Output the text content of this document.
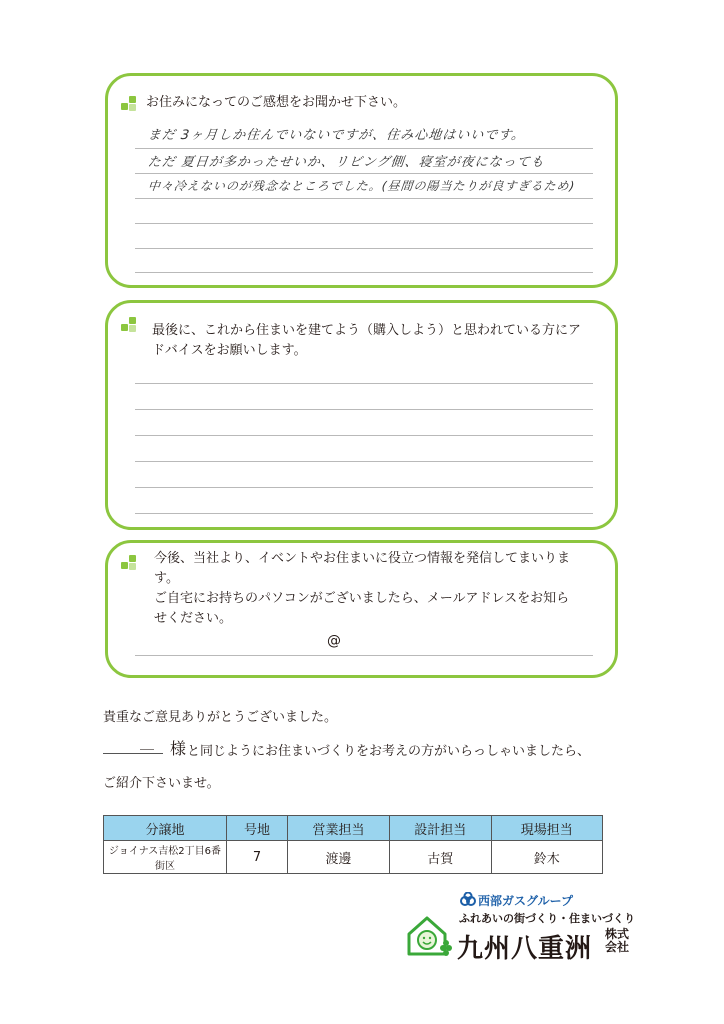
お住みになってのご感想をお聞かせ下さい。
まだ 3ヶ月しか住んでいないですが、住み心地はいいです。
ただ 夏日が多かったせいか、リビング側、寝室が夜になっても
中々冷えないのが残念なところでした。(昼間の陽当たりが良すぎるため)
最後に、これから住まいを建てよう（購入しよう）と思われている方にアドバイスをお願いします。
今後、当社より、イベントやお住まいに役立つ情報を発信してまいります。
ご自宅にお持ちのパソコンがございましたら、メールアドレスをお知らせください。
@
貴重なご意見ありがとうございました。
＿ 様 と同じようにお住まいづくりをお考えの方がいらっしゃいましたら、
ご紹介下さいませ。
分譲地	号地	営業担当	設計担当	現場担当
ジョイナス吉松2丁目6番街区	7	渡邊	古賀	鈴木
西部ガスグループ
ふれあいの街づくり・住まいづくり
九州八重洲 株式会社
